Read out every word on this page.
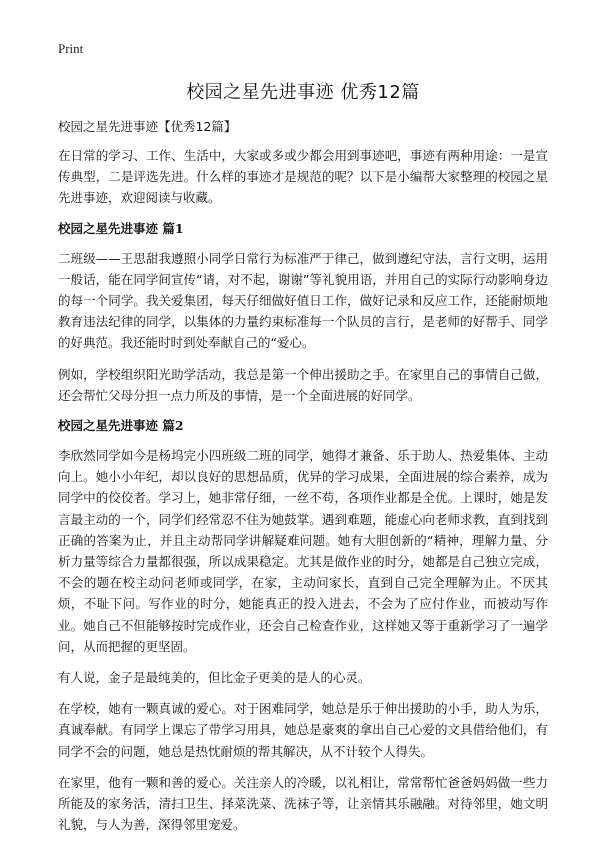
Print
校园之星先进事迹 优秀12篇
校园之星先进事迹【优秀12篇】

在日常的学习、工作、生活中，大家或多或少都会用到事迹吧，事迹有两种用途：一是宣传典型，二是评选先进。什么样的事迹才是规范的呢？以下是小编帮大家整理的校园之星先进事迹，欢迎阅读与收藏。

校园之星先进事迹 篇1

二班级——王思甜我遵照小同学日常行为标准严于律己，做到遵纪守法，言行文明，运用一般话，能在同学间宣传“请，对不起，谢谢”等礼貌用语，并用自己的实际行动影响身边的每一个同学。我关爱集团，每天仔细做好值日工作，做好记录和反应工作，还能耐烦地教育违法纪律的同学，以集体的力量约束标准每一个队员的言行，是老师的好帮手、同学的好典范。我还能时时到处奉献自己的“爱心。

例如，学校组织阳光助学活动，我总是第一个伸出援助之手。在家里自己的事情自己做，还会帮忙父母分担一点力所及的事情，是一个全面进展的好同学。

校园之星先进事迹 篇2

李欣然同学如今是杨坞完小四班级二班的同学，她得才兼备、乐于助人、热爱集体、主动向上。她小小年纪，却以良好的思想品质，优异的学习成果，全面进展的综合素养，成为同学中的佼佼者。学习上，她非常仔细，一丝不苟，各项作业都是全优。上课时，她是发言最主动的一个，同学们经常忍不住为她鼓掌。遇到难题，能虚心向老师求教，直到找到正确的答案为止，并且主动帮同学讲解疑难问题。她有大胆创新的“精神，理解力量、分析力量等综合力量都很强，所以成果稳定。尤其是做作业的时分，她都是自己独立完成，不会的题在校主动问老师或同学，在家，主动问家长，直到自己完全理解为止。不厌其烦，不耻下问。写作业的时分，她能真正的投入进去，不会为了应付作业，而被动写作业。她自己不但能够按时完成作业，还会自己检查作业，这样她又等于重新学习了一遍学问，从而把握的更坚固。

有人说，金子是最纯美的，但比金子更美的是人的心灵。

在学校，她有一颗真诚的爱心。对于困难同学，她总是乐于伸出援助的小手，助人为乐，真诚奉献。有同学上课忘了带学习用具，她总是豪爽的拿出自己心爱的文具借给他们，有同学不会的问题，她总是热忱耐烦的帮其解决，从不计较个人得失。

在家里，他有一颗和善的爱心。关注亲人的冷暖，以礼相让，常常帮忙爸爸妈妈做一些力所能及的家务活，清扫卫生、择菜洗菜、洗袜子等，让亲情其乐融融。对待邻里，她文明礼貌，与人为善，深得邻里宠爱。
